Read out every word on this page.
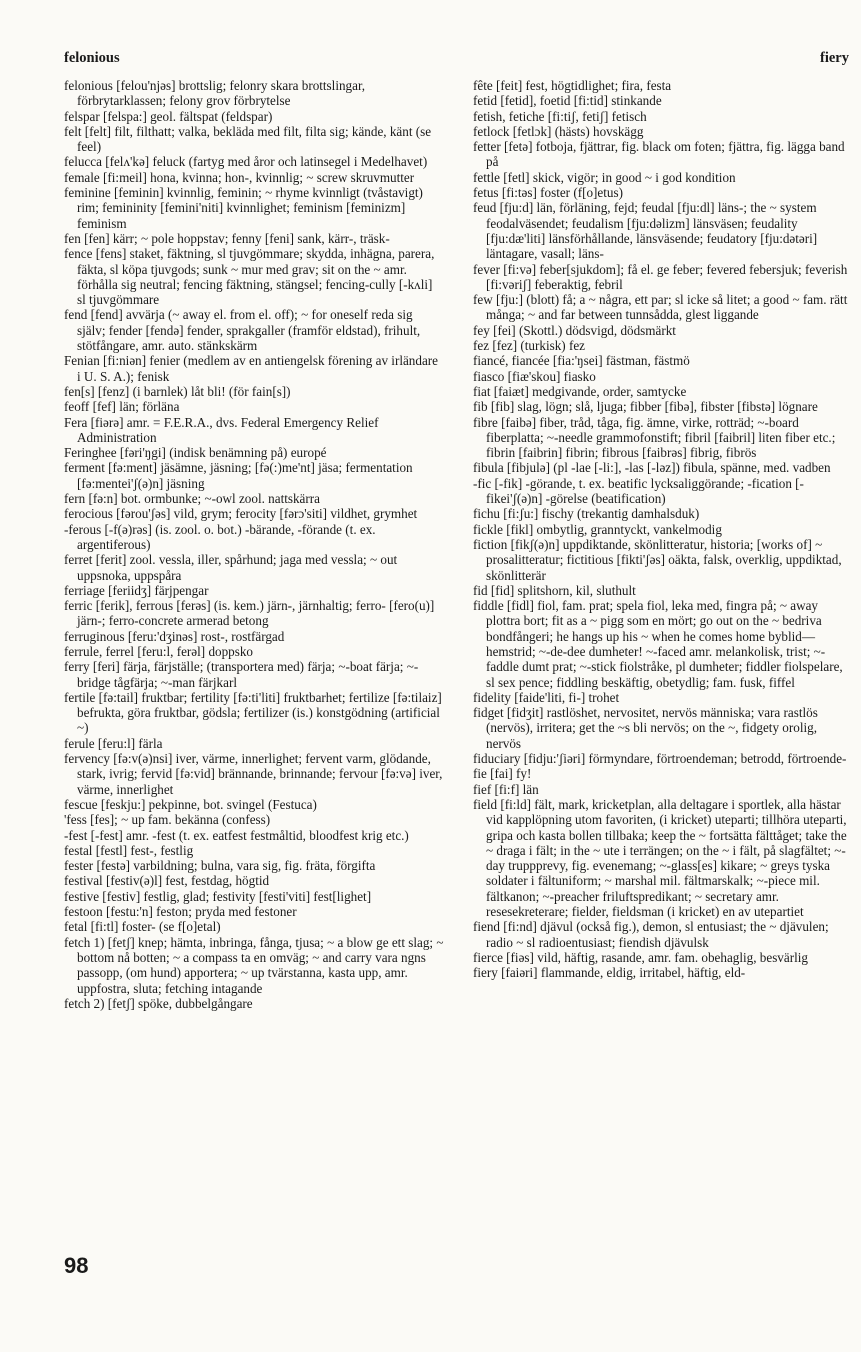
felonious	fiery

felonious [felou'njəs] brottslig; felonry skara brottslingar, förbrytarklassen; felony grov förbrytelse

felspar [felspa:] geol. fältspat (feldspar)

felt [felt] filt, filthatt; valka, bekläda med filt, filta sig; kände, känt (se feel)

felucca [felʌ'kə] feluck (fartyg med åror och latinsegel i Medelhavet)

female [fi:meil] hona, kvinna; hon-, kvinnlig; ~ screw skruvmutter

feminine [feminin] kvinnlig, feminin; ~ rhyme kvinnligt (tvåstavigt) rim; femininity [femini'niti] kvinnlighet; feminism [feminizm] feminism

fen [fen] kärr; ~ pole hoppstav; fenny [feni] sank, kärr-, träsk-

fence [fens] staket, fäktning, sl tjuvgömmare; skydda, inhägna, parera, fäkta, sl köpa tjuvgods; sunk ~ mur med grav; sit on the ~ amr. förhålla sig neutral; fencing fäktning, stängsel; fencing-cully [-kʌli] sl tjuvgömmare

fend [fend] avvärja (~ away el. from el. off); ~ for oneself reda sig själv; fender [fendə] fender, sprakgaller (framför eldstad), frihult, stötfångare, amr. auto. stänkskärm

Fenian [fi:niən] fenier (medlem av en antiengelsk förening av irländare i U. S. A.); fenisk

fen[s] [fenz] (i barnlek) låt bli! (för fain[s])

feoff [fef] län; förläna

Fera [fiərə] amr. = F.E.R.A., dvs. Federal Emergency Relief Administration

Feringhee [fəri'ŋgi] (indisk benämning på) europé

ferment [fə:ment] jäsämne, jäsning; [fə(:)me'nt] jäsa; fermentation [fə:mentei'ʃ(ə)n] jäsning

fern [fə:n] bot. ormbunke; ~-owl zool. nattskärra

ferocious [fərou'ʃəs] vild, grym; ferocity [fərɔ'siti] vildhet, grymhet

-ferous [-f(ə)rəs] (is. zool. o. bot.) -bärande, -förande (t. ex. argentiferous)

ferret [ferit] zool. vessla, iller, spårhund; jaga med vessla; ~ out uppsnoka, uppspåra

ferriage [feriidʒ] färjpengar

ferric [ferik], ferrous [ferəs] (is. kem.) järn-, järnhaltig; ferro- [fero(u)] järn-; ferro-concrete armerad betong

ferruginous [feru:'dʒinəs] rost-, rostfärgad

ferrule, ferrel [feru:l, ferəl] doppsko

ferry [feri] färja, färjställe; (transportera med) färja; ~-boat färja; ~-bridge tågfärja; ~-man färjkarl

fertile [fə:tail] fruktbar; fertility [fə:ti'liti] fruktbarhet; fertilize [fə:tilaiz] befrukta, göra fruktbar, gödsla; fertilizer (is.) konstgödning (artificial ~)

ferule [feru:l] färla

fervency [fə:v(ə)nsi] iver, värme, innerlighet; fervent varm, glödande, stark, ivrig; fervid [fə:vid] brännande, brinnande; fervour [fə:və] iver, värme, innerlighet

fescue [feskju:] pekpinne, bot. svingel (Festuca)

'fess [fes]; ~ up fam. bekänna (confess)

-fest [-fest] amr. -fest (t. ex. eatfest festmåltid, bloodfest krig etc.)

festal [festl] fest-, festlig

fester [festə] varbildning; bulna, vara sig, fig. fräta, förgifta

festival [festiv(ə)l] fest, festdag, högtid

festive [festiv] festlig, glad; festivity [festi'viti] fest[lighet]

festoon [festu:'n] feston; pryda med festoner

fetal [fi:tl] foster- (se f[o]etal)

fetch 1) [fetʃ] knep; hämta, inbringa, fånga, tjusa; ~ a blow ge ett slag; ~ bottom nå botten; ~ a compass ta en omväg; ~ and carry vara ngns passopp, (om hund) apportera; ~ up tvärstanna, kasta upp, amr. uppfostra, sluta; fetching intagande

fetch 2) [fetʃ] spöke, dubbelgångare

fête [feit] fest, högtidlighet; fira, festa

fetid [fetid], foetid [fi:tid] stinkande

fetish, fetiche [fi:tiʃ, fetiʃ] fetisch

fetlock [fetlɔk] (hästs) hovskägg

fetter [fetə] fotboja, fjättrar, fig. black om foten; fjättra, fig. lägga band på

fettle [fetl] skick, vigör; in good ~ i god kondition

fetus [fi:təs] foster (f[o]etus)

feud [fju:d] län, förläning, fejd; feudal [fju:dl] läns-; the ~ system feodalväsendet; feudalism [fju:dəlizm] länsväsen; feudality [fju:dæ'liti] länsförhållande, länsväsende; feudatory [fju:dətəri] läntagare, vasall; läns-

fever [fi:və] feber[sjukdom]; få el. ge feber; fevered febersjuk; feverish [fi:vəriʃ] feberaktig, febril

few [fju:] (blott) få; a ~ några, ett par; sl icke så litet; a good ~ fam. rätt många; ~ and far between tunnsådda, glest liggande

fey [fei] (Skottl.) dödsvigd, dödsmärkt

fez [fez] (turkisk) fez

fiancé, fiancée [fia:'ŋsei] fästman, fästmö

fiasco [fiæ'skou] fiasko

fiat [faiæt] medgivande, order, samtycke

fib [fib] slag, lögn; slå, ljuga; fibber [fibə], fibster [fibstə] lögnare

fibre [faibə] fiber, tråd, tåga, fig. ämne, virke, rotträd; ~-board fiberplatta; ~-needle grammofonstift; fibril [faibril] liten fiber etc.; fibrin [faibrin] fibrin; fibrous [faibrəs] fibrig, fibrös

fibula [fibjulə] (pl -lae [-li:], -las [-ləz]) fibula, spänne, med. vadben

-fic [-fik] -görande, t. ex. beatific lycksaliggörande; -fication [-fikei'ʃ(ə)n] -görelse (beatification)

fichu [fi:ʃu:] fischy (trekantig damhalsduk)

fickle [fikl] ombytlig, granntyckt, vankelmodig

fiction [fikʃ(ə)n] uppdiktande, skönlitteratur, historia; [works of] ~ prosalitteratur; fictitious [fikti'ʃəs] oäkta, falsk, overklig, uppdiktad, skönlitterär

fid [fid] splitshorn, kil, sluthult

fiddle [fidl] fiol, fam. prat; spela fiol, leka med, fingra på; ~ away plottra bort; fit as a ~ pigg som en mört; go out on the ~ bedriva bondfångeri; he hangs up his ~ when he comes home byblid—hemstrid; ~-de-dee dumheter! ~-faced amr. melankolisk, trist; ~-faddle dumt prat; ~-stick fiolstråke, pl dumheter; fiddler fiolspelare, sl sex pence; fiddling beskäftig, obetydlig; fam. fusk, fiffel

fidelity [faide'liti, fi-] trohet

fidget [fidʒit] rastlöshet, nervositet, nervös människa; vara rastlös (nervös), irritera; get the ~s bli nervös; on the ~, fidgety orolig, nervös

fiduciary [fidju:'ʃiəri] förmyndare, förtroendeman; betrodd, förtroende-

fie [fai] fy!

fief [fi:f] län

field [fi:ld] fält, mark, kricketplan, alla deltagare i sportlek, alla hästar vid kapplöpning utom favoriten, (i kricket) uteparti; tillhöra uteparti, gripa och kasta bollen tillbaka; keep the ~ fortsätta fälttåget; take the ~ draga i fält; in the ~ ute i terrängen; on the ~ i fält, på slagfältet; ~-day truppprevy, fig. evenemang; ~-glass[es] kikare; ~ greys tyska soldater i fältuniform; ~ marshal mil. fältmarskalk; ~-piece mil. fältkanon; ~-preacher friluftspredikant; ~ secretary amr. resesekreterare; fielder, fieldsman (i kricket) en av utepartiet

fiend [fi:nd] djävul (också fig.), demon, sl entusiast; the ~ djävulen; radio ~ sl radioentusiast; fiendish djävulsk

fierce [fiəs] vild, häftig, rasande, amr. fam. obehaglig, besvärlig

fiery [faiəri] flammande, eldig, irritabel, häftig, eld-

98
